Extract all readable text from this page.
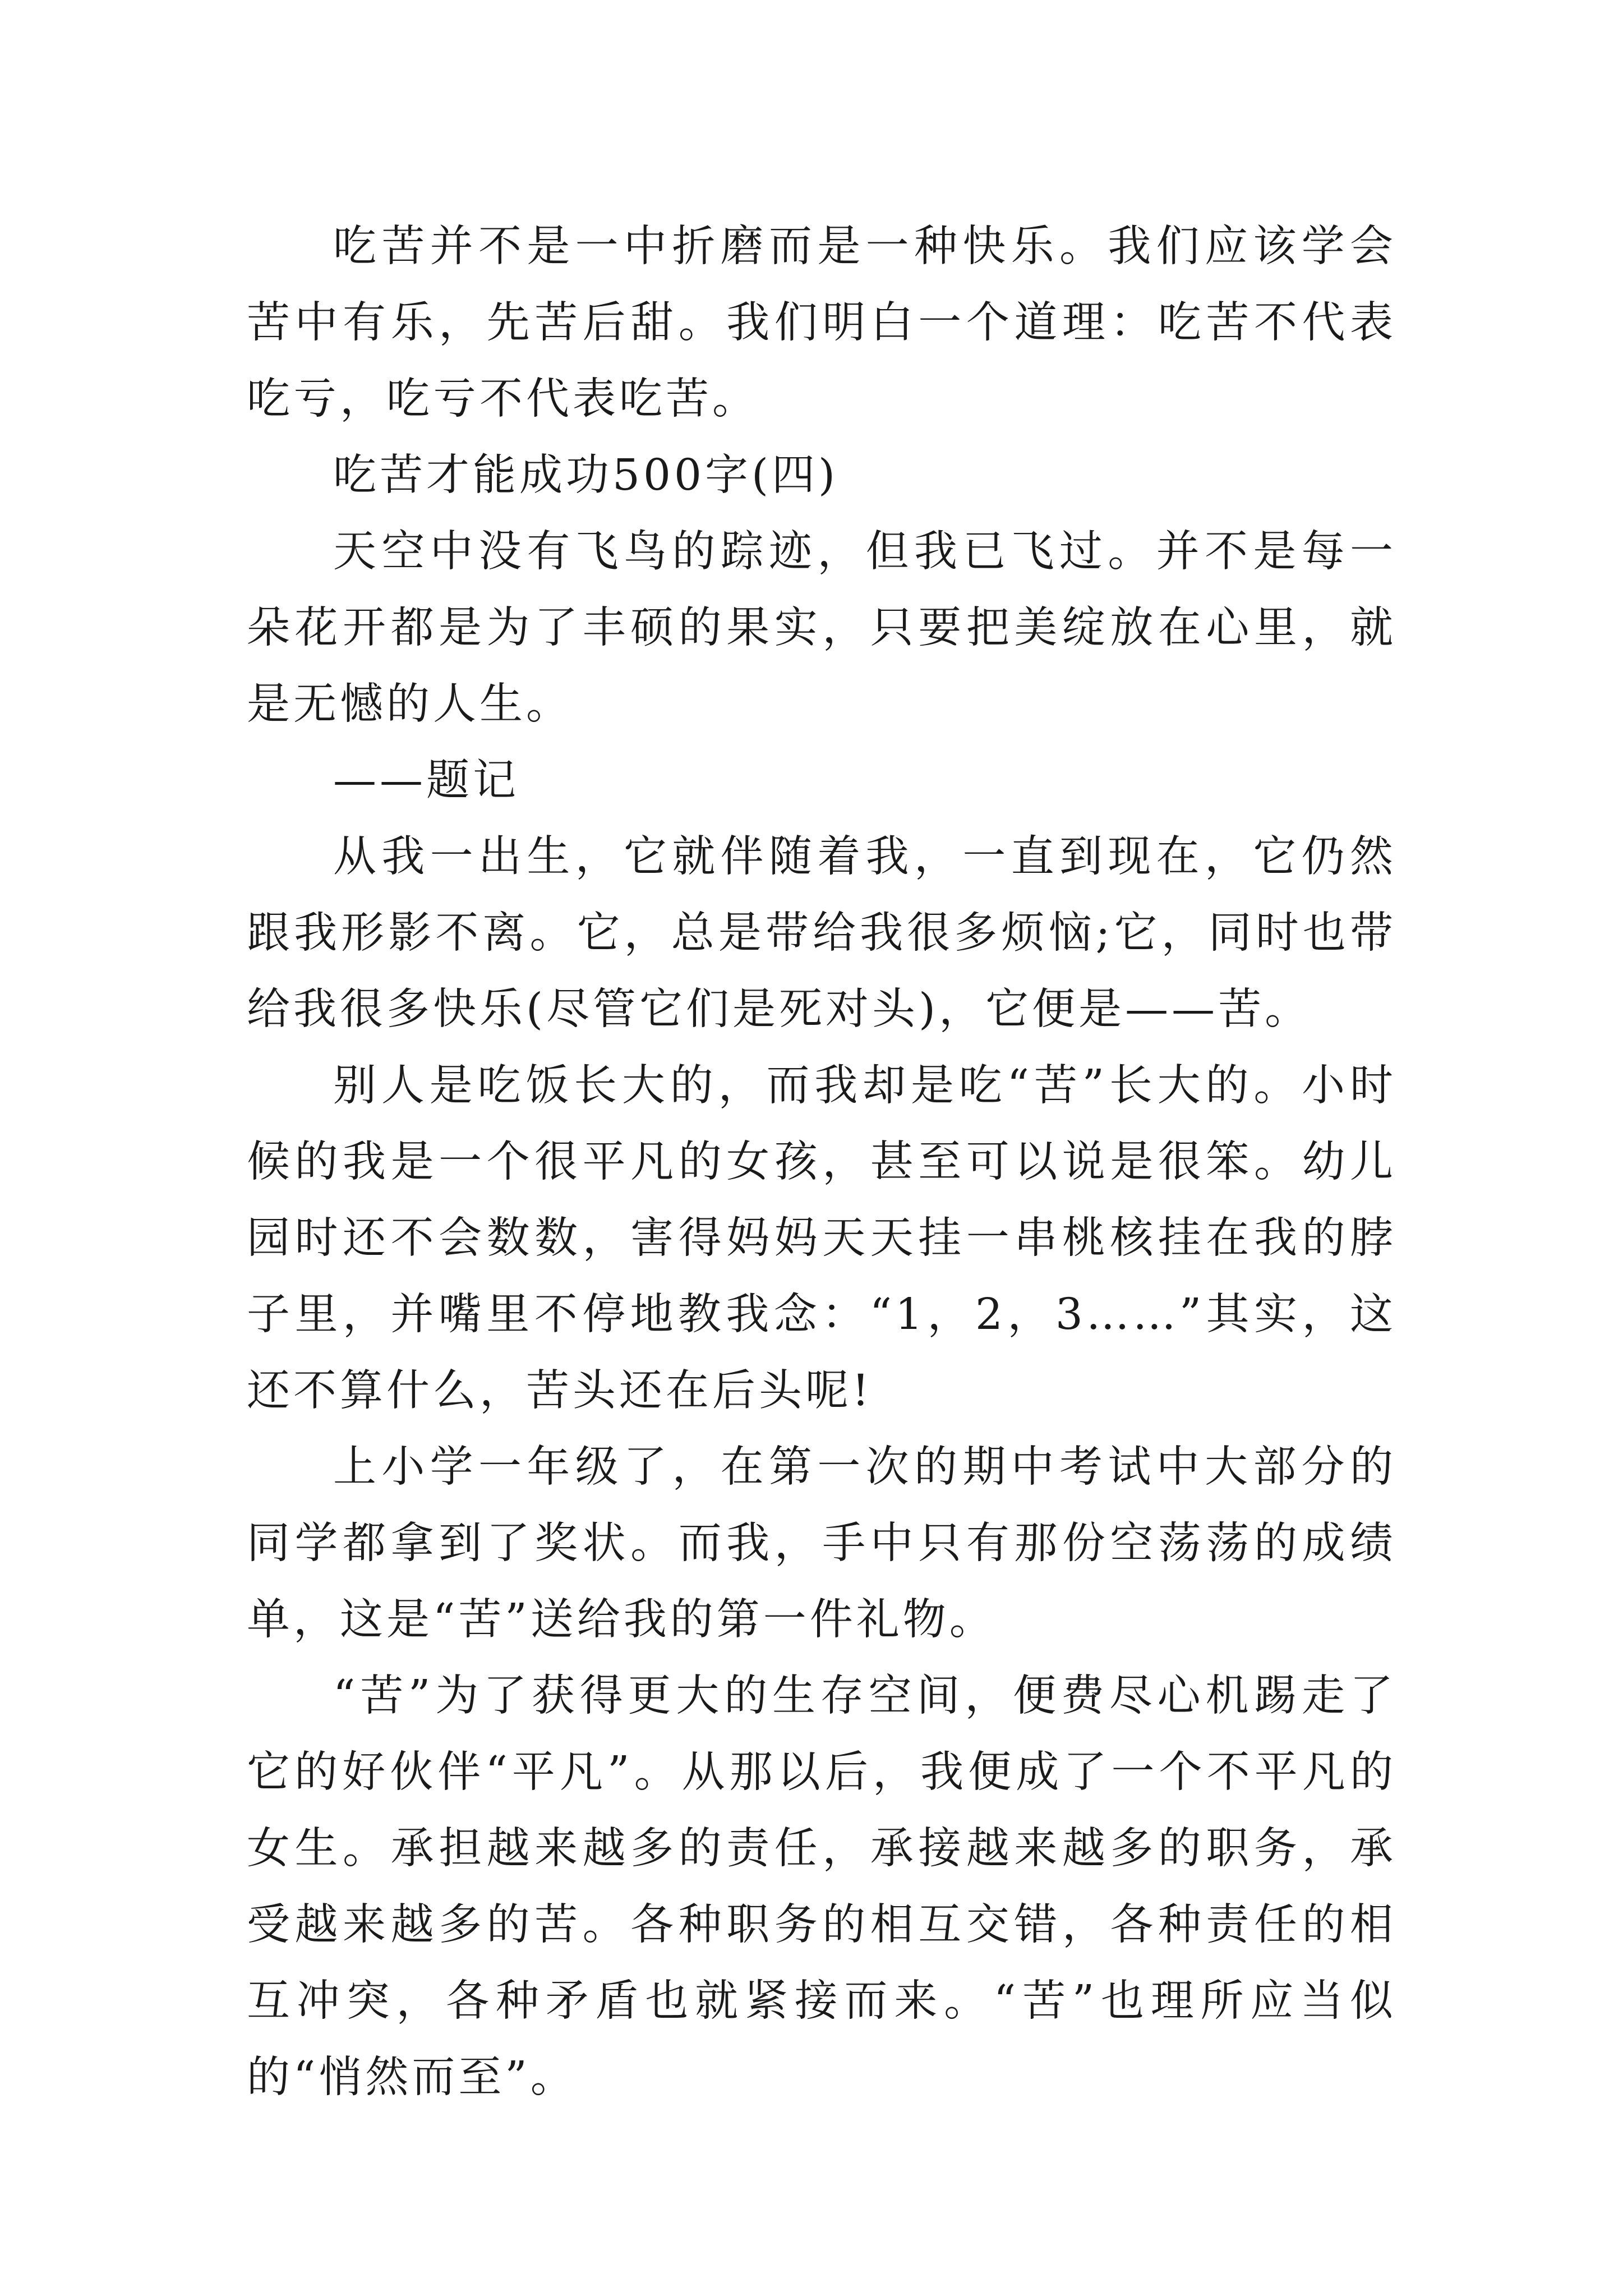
吃苦并不是一中折磨而是一种快乐。我们应该学会苦中有乐，先苦后甜。我们明白一个道理：吃苦不代表吃亏，吃亏不代表吃苦。

吃苦才能成功500字(四)

天空中没有飞鸟的踪迹，但我已飞过。并不是每一朵花开都是为了丰硕的果实，只要把美绽放在心里，就是无憾的人生。

——题记

从我一出生，它就伴随着我，一直到现在，它仍然跟我形影不离。它，总是带给我很多烦恼;它，同时也带给我很多快乐(尽管它们是死对头)，它便是——苦。

别人是吃饭长大的，而我却是吃“苦”长大的。小时候的我是一个很平凡的女孩，甚至可以说是很笨。幼儿园时还不会数数，害得妈妈天天挂一串桃核挂在我的脖子里，并嘴里不停地教我念：“1，2，3……”其实，这还不算什么，苦头还在后头呢!

上小学一年级了，在第一次的期中考试中大部分的同学都拿到了奖状。而我，手中只有那份空荡荡的成绩单，这是“苦”送给我的第一件礼物。

“苦”为了获得更大的生存空间，便费尽心机踢走了它的好伙伴“平凡”。从那以后，我便成了一个不平凡的女生。承担越来越多的责任，承接越来越多的职务，承受越来越多的苦。各种职务的相互交错，各种责任的相互冲突，各种矛盾也就紧接而来。“苦”也理所应当似的“悄然而至”。
